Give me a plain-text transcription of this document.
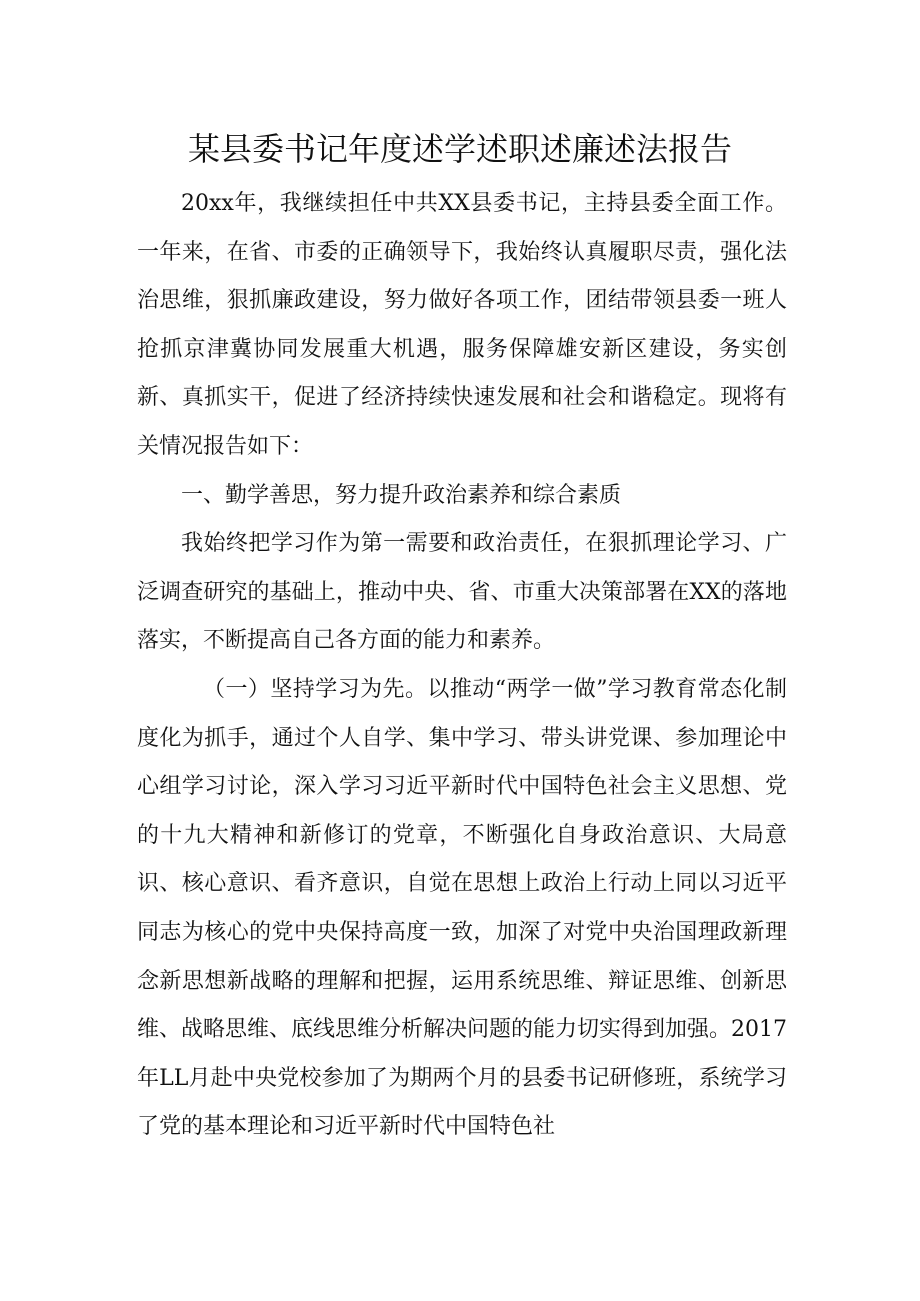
某县委书记年度述学述职述廉述法报告

20xx年，我继续担任中共XX县委书记，主持县委全面工作。一年来，在省、市委的正确领导下，我始终认真履职尽责，强化法治思维，狠抓廉政建设，努力做好各项工作，团结带领县委一班人抢抓京津冀协同发展重大机遇，服务保障雄安新区建设，务实创新、真抓实干，促进了经济持续快速发展和社会和谐稳定。现将有关情况报告如下：

一、勤学善思，努力提升政治素养和综合素质

我始终把学习作为第一需要和政治责任，在狠抓理论学习、广泛调查研究的基础上，推动中央、省、市重大决策部署在XX的落地落实，不断提高自己各方面的能力和素养。

（一）坚持学习为先。以推动“两学一做”学习教育常态化制度化为抓手，通过个人自学、集中学习、带头讲党课、参加理论中心组学习讨论，深入学习习近平新时代中国特色社会主义思想、党的十九大精神和新修订的党章，不断强化自身政治意识、大局意识、核心意识、看齐意识，自觉在思想上政治上行动上同以习近平同志为核心的党中央保持高度一致，加深了对党中央治国理政新理念新思想新战略的理解和把握，运用系统思维、辩证思维、创新思维、战略思维、底线思维分析解决问题的能力切实得到加强。2017年LL月赴中央党校参加了为期两个月的县委书记研修班，系统学习了党的基本理论和习近平新时代中国特色社
